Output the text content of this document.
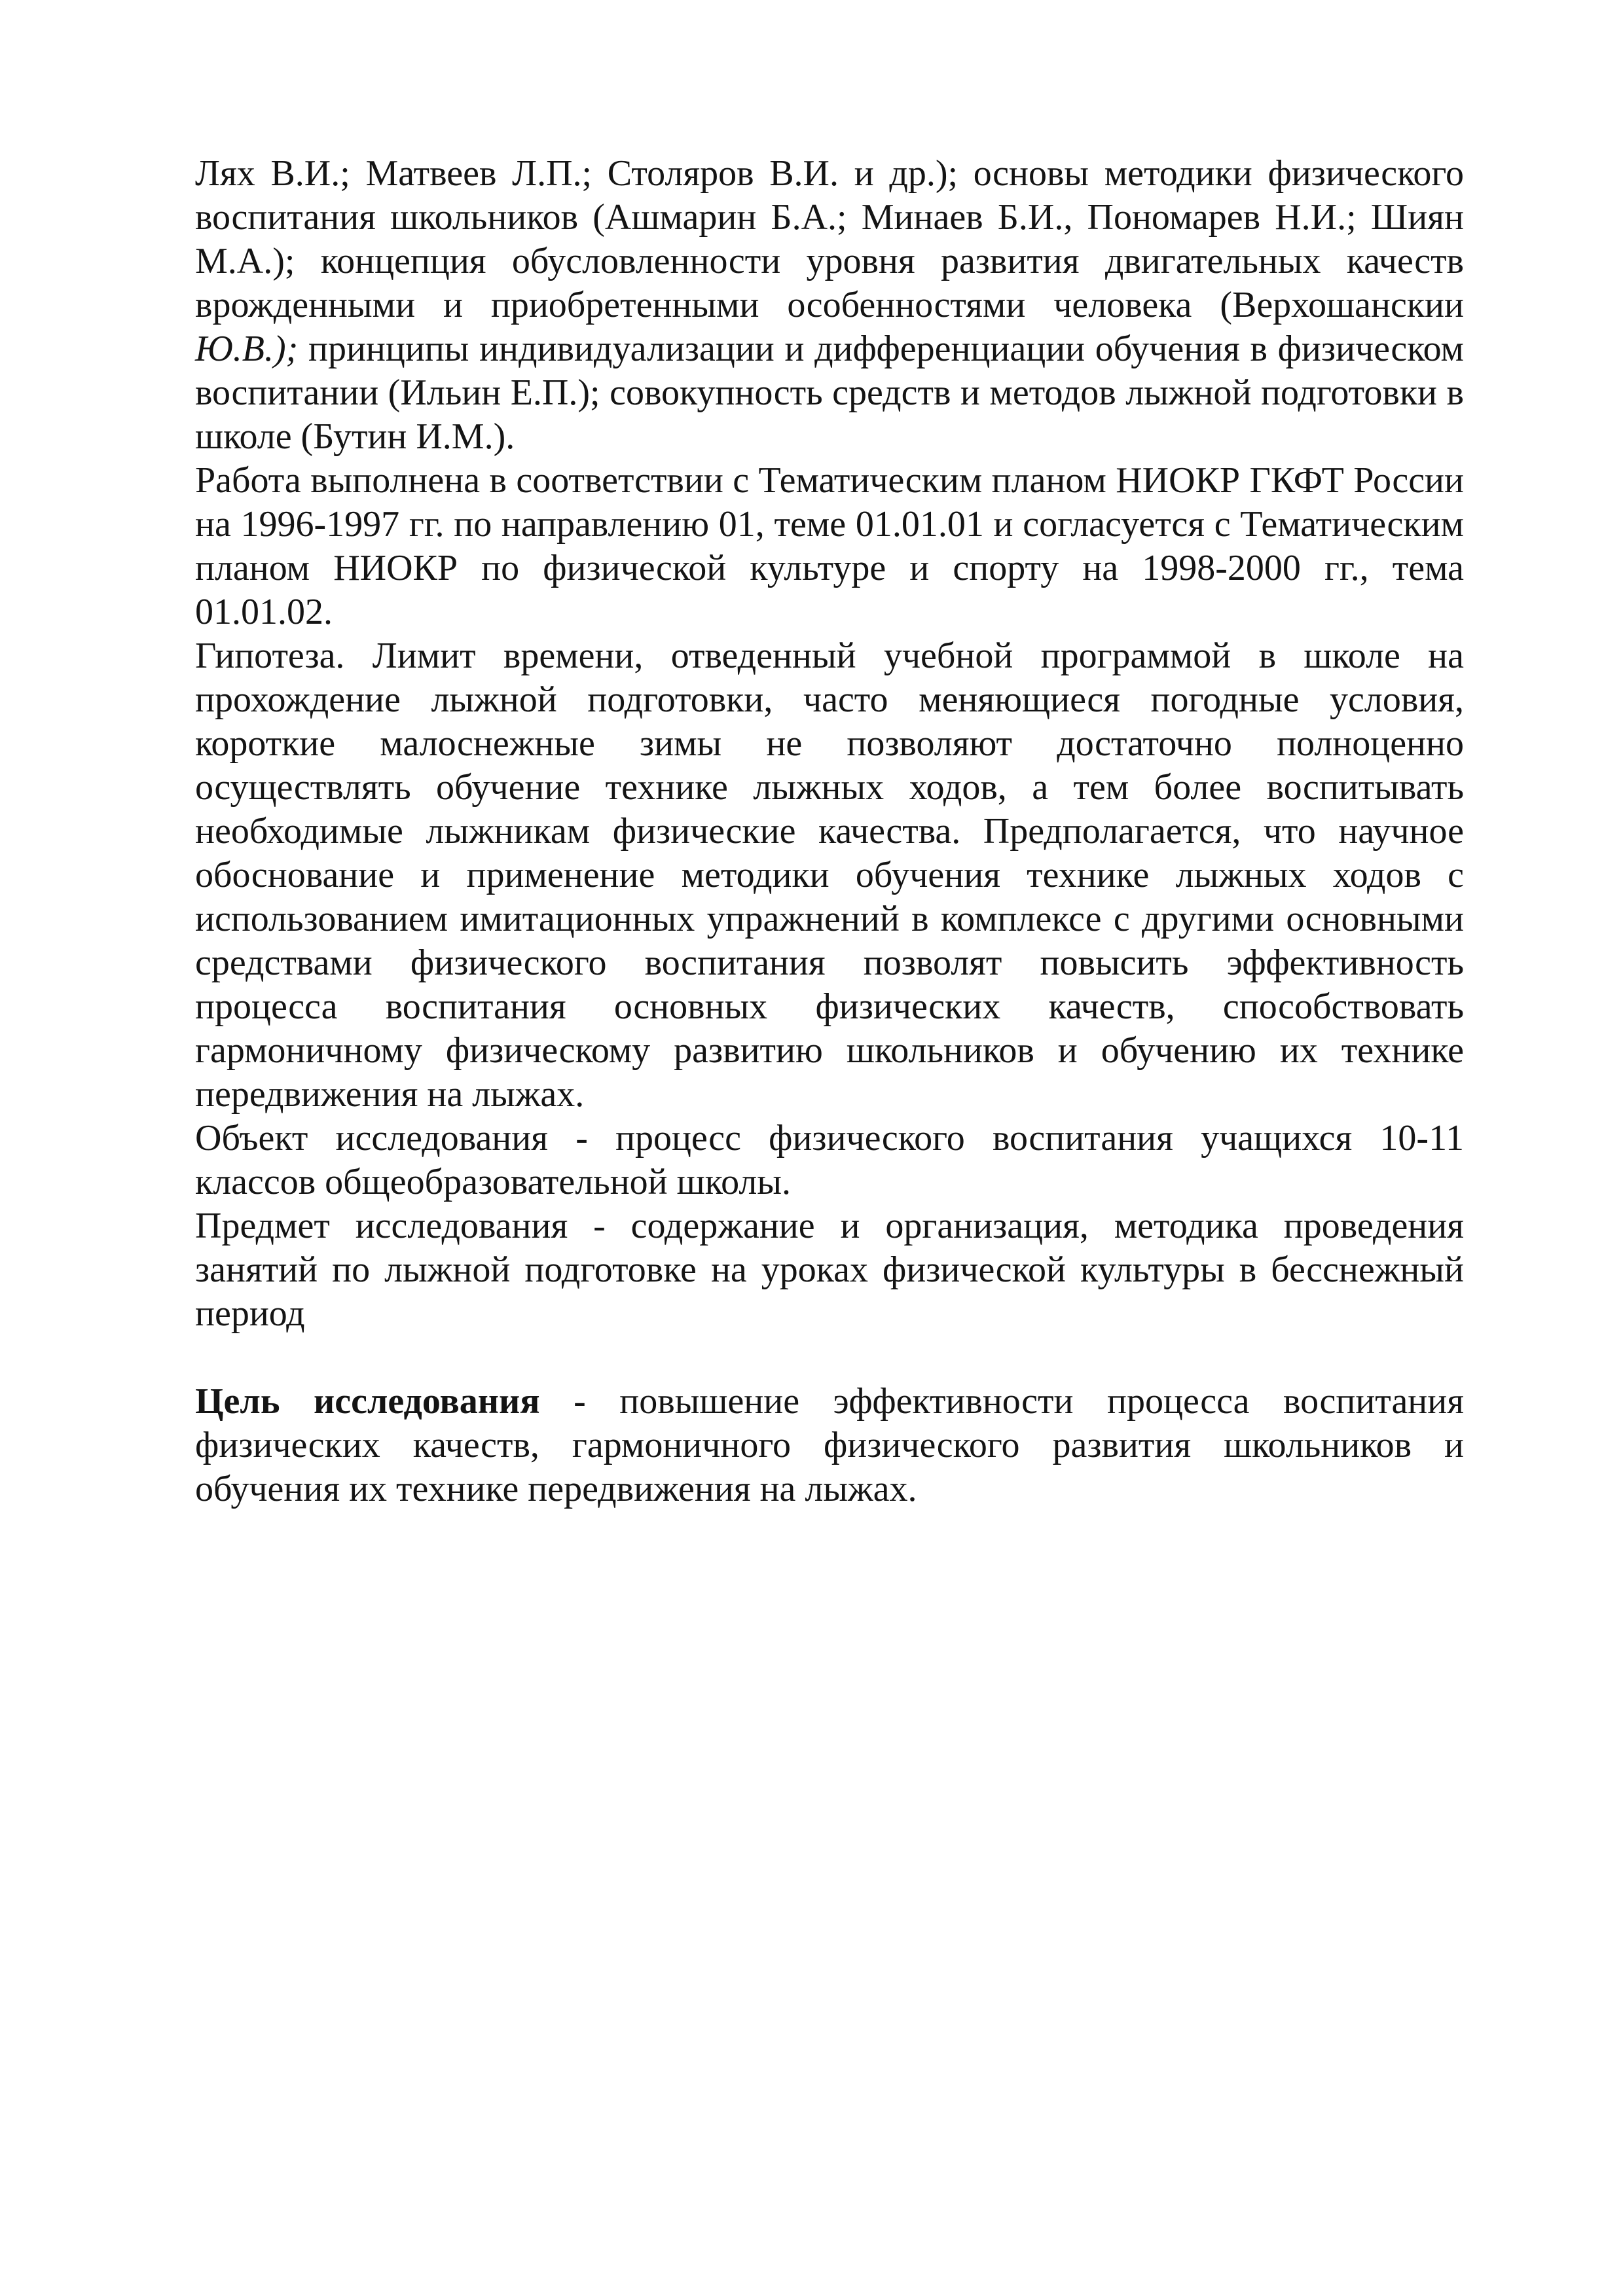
Лях В.И.; Матвеев Л.П.; Столяров В.И. и др.); основы методики физического воспитания школьников (Ашмарин Б.А.; Минаев Б.И., Пономарев Н.И.; Шиян М.А.); концепция обусловленности уровня развития двигательных качеств врожденными и приобретенными особенностями человека (Верхошанскии Ю.В.); принципы индивидуализации и дифференциации обучения в физическом воспитании (Ильин Е.П.); совокупность средств и методов лыжной подготовки в школе (Бутин И.М.).

Работа выполнена в соответствии с Тематическим планом НИОКР ГКФТ России на 1996-1997 гг. по направлению 01, теме 01.01.01 и согласуется с Тематическим планом НИОКР по физической культуре и спорту на 1998-2000 гг., тема 01.01.02.

Гипотеза. Лимит времени, отведенный учебной программой в школе на прохождение лыжной подготовки, часто меняющиеся погодные условия, короткие малоснежные зимы не позволяют достаточно полноценно осуществлять обучение технике лыжных ходов, а тем более воспитывать необходимые лыжникам физические качества. Предполагается, что научное обоснование и применение методики обучения технике лыжных ходов с использованием имитационных упражнений в комплексе с другими основными средствами физического воспитания позволят повысить эффективность процесса воспитания основных физических качеств, способствовать гармоничному физическому развитию школьников и обучению их технике передвижения на лыжах.

Объект исследования - процесс физического воспитания учащихся 10-11 классов общеобразовательной школы.

Предмет исследования - содержание и организация, методика проведения занятий по лыжной подготовке на уроках физической культуры в бесснежный период

Цель исследования - повышение эффективности процесса воспитания физических качеств, гармоничного физического развития школьников и обучения их технике передвижения на лыжах.
